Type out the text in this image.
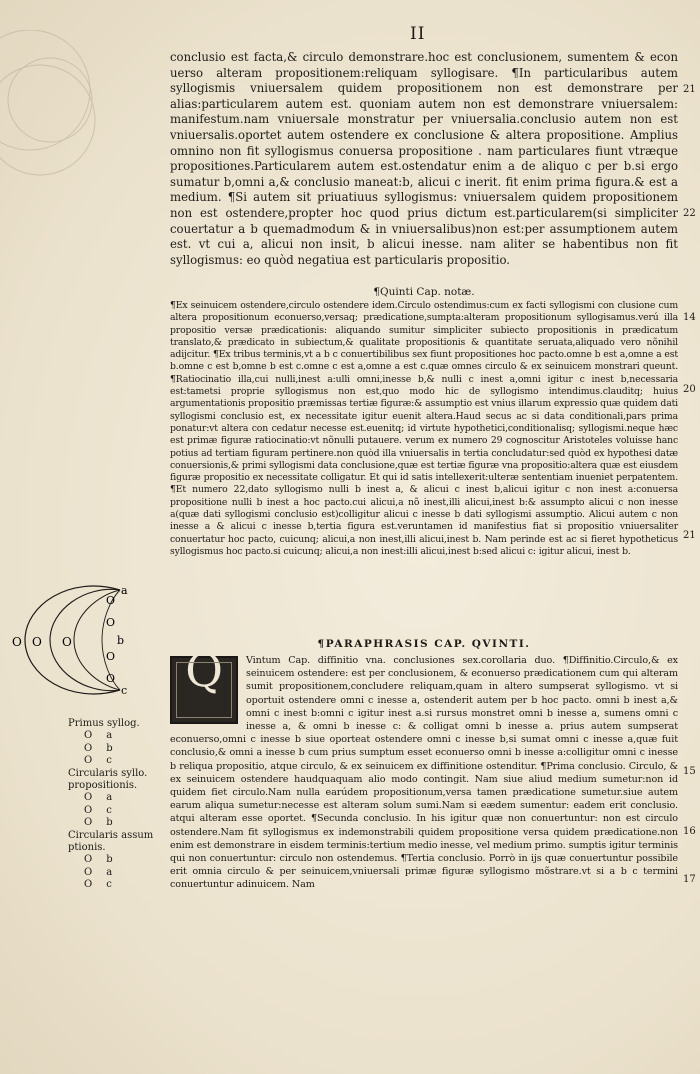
II

conclusio est facta,& circulo demonstrare.hoc est conclusionem, sumentem & econ uerso alteram propositionem:reliquam syllogisare. ¶In particularibus autem syllogismis vniuersalem quidem propositionem non est demonstrare per alias:particularem autem est. quoniam autem non est demonstrare vniuersalem: manifestum.nam vniuersale monstratur per vniuersalia.conclusio autem non est vniuersalis.oportet autem ostendere ex conclusione & altera propositione. Amplius omnino non fit syllogismus conuersa propositione . nam particulares fiunt vtræque propositiones.Particularem autem est.ostendatur enim a de aliquo c per b.si ergo sumatur b,omni a,& conclusio maneat:b, alicui c inerit. fit enim prima figura.& est a medium. ¶Si autem sit priuatiuus syllogismus: vniuersalem quidem propositionem non est ostendere,propter hoc quod prius dictum est.particularem(si simpliciter couertatur a b quemadmodum & in vniuersalibus)non est:per assumptionem autem est. vt cui a, alicui non insit, b alicui inesse. nam aliter se habentibus non fit syllogismus: eo quòd negatiua est particularis propositio.

¶Quinti Cap. notæ.

¶Ex seinuicem ostendere,circulo ostendere idem.Circulo ostendimus:cum ex facti syllogismi con clusione cum altera propositionum econuerso,versaq; prædicatione,sumpta:alteram propositionum syllogisamus.verú illa propositio versæ prædicationis: aliquando sumitur simpliciter subiecto propositionis in prædicatum translato,& prædicato in subiectum,& qualitate propositionis & quantitate seruata,aliquado vero nõnihil adijcitur. ¶Ex tribus terminis,vt a b c conuertibilibus sex fiunt propositiones hoc pacto.omne b est a,omne a est b.omne c est b,omne b est c.omne c est a,omne a est c.quæ omnes circulo & ex seinuicem monstrari queunt. ¶Ratiocinatio illa,cui nulli,inest a:ulli omni,inesse b,& nulli c inest a,omni igitur c inest b,necessaria est:tametsi proprie syllogismus non est,quo modo hic de syllogismo intendimus.clauditq; huius argumentationis propositio præmissas tertiæ figuræ:& assumptio est vnius illarum expressio quæ quidem dati syllogismi conclusio est, ex necessitate igitur euenit altera.Haud secus ac si data conditionali,pars prima ponatur:vt altera con cedatur necesse est.euenitq; id virtute hypothetici,conditionalisq; syllogismi.neque hæc est primæ figuræ ratiocinatio:vt nõnulli putauere. verum ex numero 29 cognoscitur Aristoteles voluisse hanc potius ad tertiam figuram pertinere.non quòd illa vniuersalis in tertia concludatur:sed quòd ex hypothesi datæ conuersionis,& primi syllogismi data conclusione,quæ est tertiæ figuræ vna propositio:altera quæ est eiusdem figuræ propositio ex necessitate colligatur. Et qui id satis intellexerit:ulteræ sententiam inueniet perpatentem. ¶Et numero 22,dato syllogismo nulli b inest a, & alicui c inest b,alicui igitur c non inest a:conuersa propositione nulli b inest a hoc pacto.cui alicui,a nõ inest,illi alicui,inest b:& assumpto alicui c non inesse a(quæ dati syllogismi conclusio est)colligitur alicui c inesse b dati syllogismi assumptio. Alicui autem c non inesse a & alicui c inesse b,tertia figura est.veruntamen id manifestius fiat si propositio vniuersaliter conuertatur hoc pacto, cuicunq; alicui,a non inest,illi alicui,inest b. Nam perinde est ac si fieret hypotheticus syllogismus hoc pacto.si cuicunq; alicui,a non inest:illi alicui,inest b:sed alicui c: igitur alicui, inest b.

¶PARAPHRASIS CAP. QVINTI.
Q	Vintum Cap. diffinitio vna. conclusiones sex.corollaria duo. ¶Diffinitio.Circulo,& ex seinuicem ostendere: est per conclusionem, & econuerso prædicationem cum qui alteram sumit propositionem,concludere reliquam,quam in altero sumpserat syllogismo. vt si oportuit ostendere omni c inesse a, ostenderit autem per b hoc pacto. omni b inest a,& omni c inest b:omni c igitur inest a.si rursus monstret omni b inesse a, sumens omni c inesse a, & omni b inesse c: & colligat omni b inesse a. prius autem sumpserat econuerso,omni c inesse b siue oporteat ostendere omni c inesse b,si sumat omni c inesse a,quæ fuit conclusio,& omni a inesse b cum prius sumptum esset econuerso omni b inesse a:colligitur omni c inesse b reliqua propositio, atque circulo, & ex seinuicem ex diffinitione ostenditur. ¶Prima conclusio. Circulo, & ex seinuicem ostendere haudquaquam alio modo contingit. Nam siue aliud medium sumetur:non id quidem fiet circulo.Nam nulla earúdem propositionum,versa tamen prædicatione sumetur.siue autem earum aliqua sumetur:necesse est alteram solum sumi.Nam si eædem sumentur: eadem erit conclusio. atqui alteram esse oportet. ¶Secunda conclusio. In his igitur quæ non conuertuntur: non est circulo ostendere.Nam fit syllogismus ex indemonstrabili quidem propositione versa quidem prædicatione.non enim est demonstrare in eisdem terminis:tertium medio inesse, vel medium primo. sumptis igitur terminis qui non conuertuntur: circulo non ostendemus. ¶Tertia conclusio. Porrò in ijs quæ conuertuntur possibile erit omnia circulo & per seinuicem,vniuersali primæ figuræ syllogismo mõstrare.vt si a b c termini conuertuntur adinuicem. Nam

21
22
14
20
21
15
16
17
O O O
a
b
c
O
O
O
O
Primus syllog.
O a
O b
O c
Circularis syllo. propositionis.
O a
O c
O b
Circularis assum ptionis.
O b
O a
O c
